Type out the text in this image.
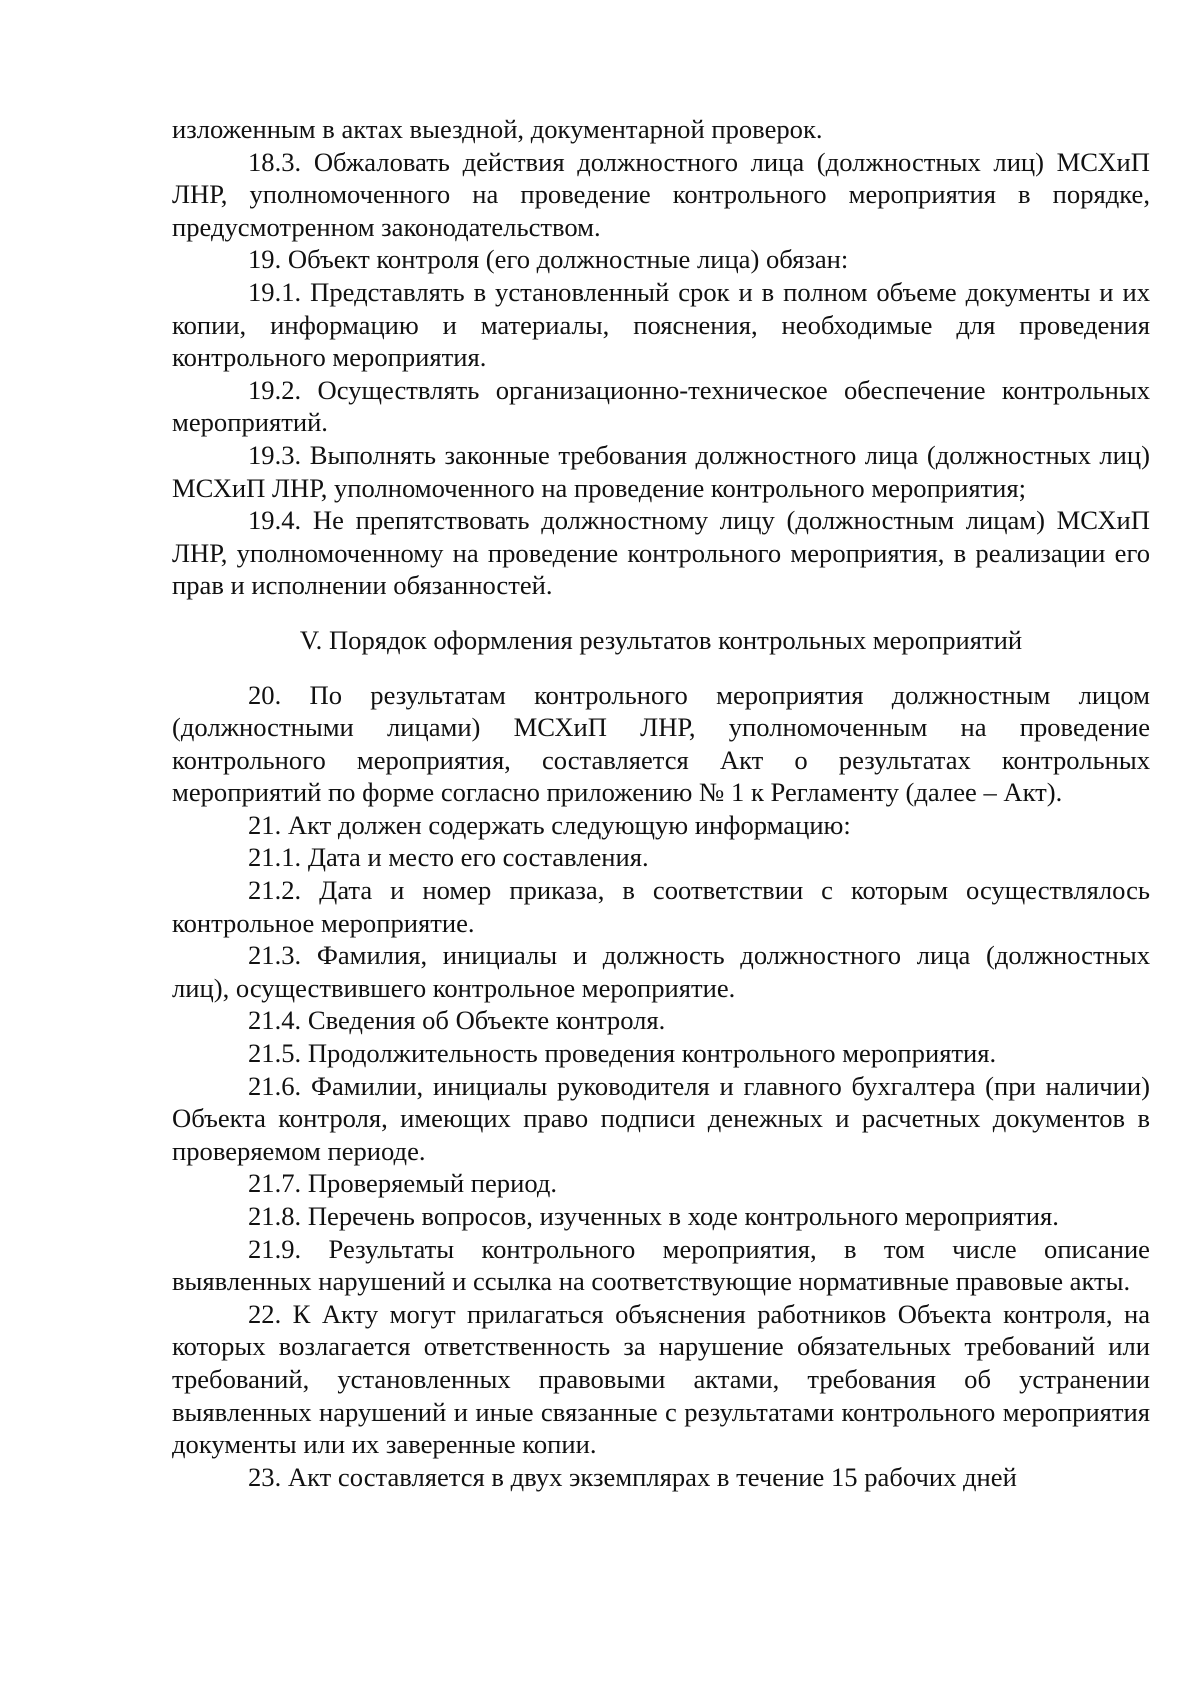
изложенным в актах выездной, документарной проверок.

18.3. Обжаловать действия должностного лица (должностных лиц) МСХиП ЛНР, уполномоченного на проведение контрольного мероприятия в порядке, предусмотренном законодательством.

19. Объект контроля (его должностные лица) обязан:

19.1. Представлять в установленный срок и в полном объеме документы и их копии, информацию и материалы, пояснения, необходимые для проведения контрольного мероприятия.

19.2. Осуществлять организационно-техническое обеспечение контрольных мероприятий.

19.3. Выполнять законные требования должностного лица (должностных лиц) МСХиП ЛНР, уполномоченного на проведение контрольного мероприятия;

19.4. Не препятствовать должностному лицу (должностным лицам) МСХиП ЛНР, уполномоченному на проведение контрольного мероприятия, в реализации его прав и исполнении обязанностей.

V. Порядок оформления результатов контрольных мероприятий

20. По результатам контрольного мероприятия должностным лицом (должностными лицами) МСХиП ЛНР, уполномоченным на проведение контрольного мероприятия, составляется Акт о результатах контрольных мероприятий по форме согласно приложению № 1 к Регламенту (далее – Акт).

21. Акт должен содержать следующую информацию:

21.1. Дата и место его составления.

21.2. Дата и номер приказа, в соответствии с которым осуществлялось контрольное мероприятие.

21.3. Фамилия, инициалы и должность должностного лица (должностных лиц), осуществившего контрольное мероприятие.

21.4. Сведения об Объекте контроля.

21.5. Продолжительность проведения контрольного мероприятия.

21.6. Фамилии, инициалы руководителя и главного бухгалтера (при наличии) Объекта контроля, имеющих право подписи денежных и расчетных документов в проверяемом периоде.

21.7. Проверяемый период.

21.8. Перечень вопросов, изученных в ходе контрольного мероприятия.

21.9. Результаты контрольного мероприятия, в том числе описание выявленных нарушений и ссылка на соответствующие нормативные правовые акты.

22. К Акту могут прилагаться объяснения работников Объекта контроля, на которых возлагается ответственность за нарушение обязательных требований или требований, установленных правовыми актами, требования об устранении выявленных нарушений и иные связанные с результатами контрольного мероприятия документы или их заверенные копии.

23. Акт составляется в двух экземплярах в течение 15 рабочих дней
